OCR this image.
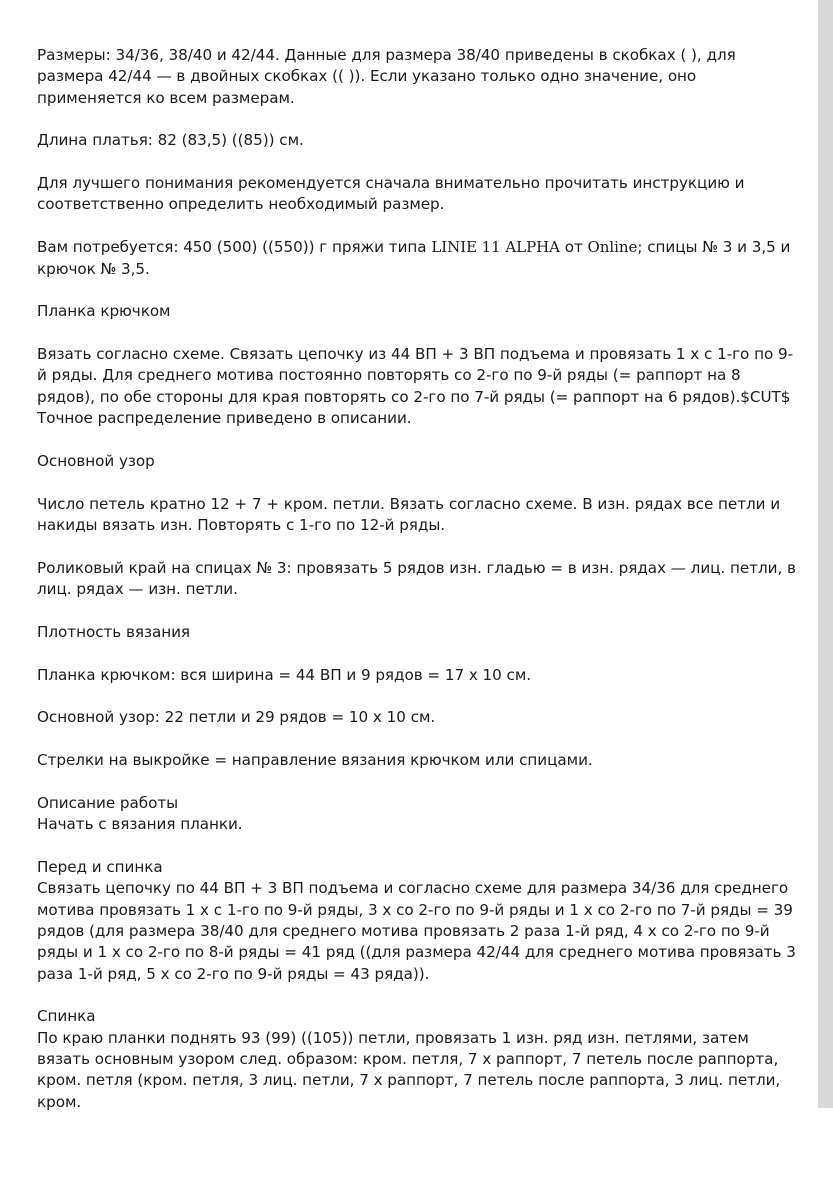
Размеры: 34/36, 38/40 и 42/44. Данные для размера 38/40 приведены в скобках ( ), для размера 42/44 — в двойных скобках (( )). Если указано только одно значение, оно применяется ко всем размерам.

Длина платья: 82 (83,5) ((85)) см.

Для лучшего понимания рекомендуется сначала внимательно прочитать инструкцию и соответственно определить необходимый размер.

Вам потребуется: 450 (500) ((550)) г пряжи типа LINIE 11 ALPHA от Online; спицы № 3 и 3,5 и крючок № 3,5.

Планка крючком

Вязать согласно схеме. Связать цепочку из 44 ВП + 3 ВП подъема и провязать 1 х с 1-го по 9-й ряды. Для среднего мотива постоянно повторять со 2-го по 9-й ряды (= раппорт на 8 рядов), по обе стороны для края повторять со 2-го по 7-й ряды (= раппорт на 6 рядов).$CUT$ Точное распределение приведено в описании.

Основной узор

Число петель кратно 12 + 7 + кром. петли. Вязать согласно схеме. В изн. рядах все петли и накиды вязать изн. Повторять с 1-го по 12-й ряды.

Роликовый край на спицах № 3: провязать 5 рядов изн. гладью = в изн. рядах — лиц. петли, в лиц. рядах — изн. петли.

Плотность вязания

Планка крючком: вся ширина = 44 ВП и 9 рядов = 17 х 10 см.

Основной узор: 22 петли и 29 рядов = 10 х 10 см.

Стрелки на выкройке = направление вязания крючком или спицами.

Описание работы

Начать с вязания планки.

Перед и спинка

Связать цепочку по 44 ВП + 3 ВП подъема и согласно схеме для размера 34/36 для среднего мотива провязать 1 х с 1-го по 9-й ряды, 3 х со 2-го по 9-й ряды и 1 х со 2-го по 7-й ряды = 39 рядов (для размера 38/40 для среднего мотива провязать 2 раза 1-й ряд, 4 х со 2-го по 9-й ряды и 1 х со 2-го по 8-й ряды = 41 ряд ((для размера 42/44 для среднего мотива провязать 3 раза 1-й ряд, 5 х со 2-го по 9-й ряды = 43 ряда)).

Спинка

По краю планки поднять 93 (99) ((105)) петли, провязать 1 изн. ряд изн. петлями, затем вязать основным узором след. образом: кром. петля, 7 х раппорт, 7 петель после раппорта, кром. петля (кром. петля, 3 лиц. петли, 7 х раппорт, 7 петель после раппорта, 3 лиц. петли, кром.
